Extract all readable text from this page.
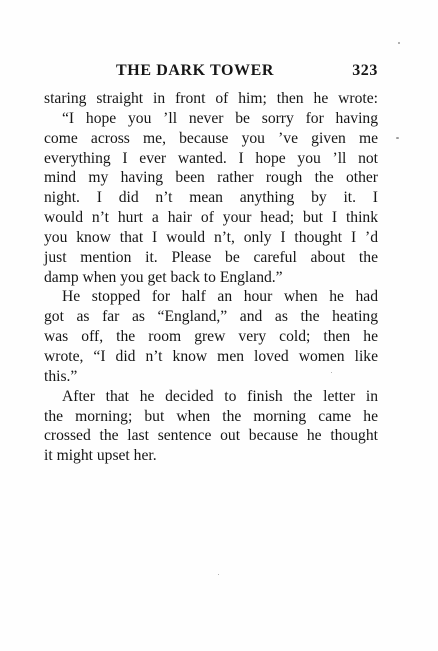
THE DARK TOWER	323
staring straight in front of him; then he wrote:
“I hope you ’ll never be sorry for having
come across me, because you ’ve given me
everything I ever wanted. I hope you ’ll not
mind my having been rather rough the other
night. I did n’t mean anything by it. I
would n’t hurt a hair of your head; but I think
you know that I would n’t, only I thought I ’d
just mention it. Please be careful about the
damp when you get back to England.”
He stopped for half an hour when he had
got as far as “England,” and as the heating
was off, the room grew very cold; then he
wrote, “I did n’t know men loved women like
this.”
After that he decided to finish the letter in
the morning; but when the morning came he
crossed the last sentence out because he thought
it might upset her.
